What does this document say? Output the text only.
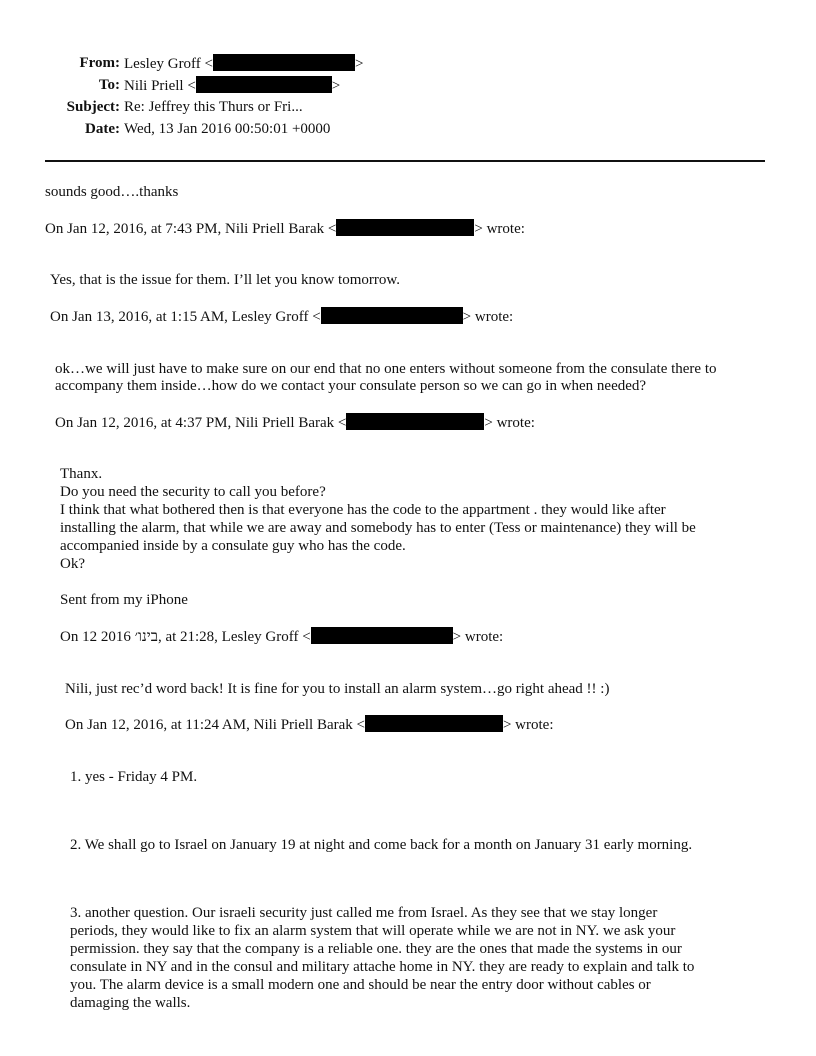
From: Lesley Groff <	>
To: Nili Priell <	>
Subject: Re: Jeffrey this Thurs or Fri...
Date: Wed, 13 Jan 2016 00:50:01 +0000
sounds good….thanks
On Jan 12, 2016, at 7:43 PM, Nili Priell Barak <	> wrote:
Yes, that is the issue for them. I’ll let you know tomorrow.
On Jan 13, 2016, at 1:15 AM, Lesley Groff <	> wrote:
ok…we will just have to make sure on our end that no one enters without someone from the consulate there to
accompany them inside…how do we contact your consulate person so we can go in when needed?
On Jan 12, 2016, at 4:37 PM, Nili Priell Barak <	> wrote:
Thanx.
Do you need the security to call you before?
I think that what bothered then is that everyone has the code to the appartment . they would like after
installing the alarm, that while we are away and somebody has to enter (Tess or maintenance) they will be
accompanied inside by a consulate guy who has the code.
Ok?
Sent from my iPhone
On 12 2016 בינו׳, at 21:28, Lesley Groff <	> wrote:
Nili, just rec’d word back! It is fine for you to install an alarm system…go right ahead !! :)
On Jan 12, 2016, at 11:24 AM, Nili Priell Barak <	> wrote:
1. yes - Friday 4 PM.
2. We shall go to Israel on January 19 at night and come back for a month on January 31 early morning.
3. another question. Our israeli security just called me from Israel. As they see that we stay longer
periods, they would like to fix an alarm system that will operate while we are not in NY. we ask your
permission. they say that the company is a reliable one. they are the ones that made the systems in our
consulate in NY and in the consul and military attache home in NY. they are ready to explain and talk to
you. The alarm device is a small modern one and should be near the entry door without cables or
damaging the walls.
